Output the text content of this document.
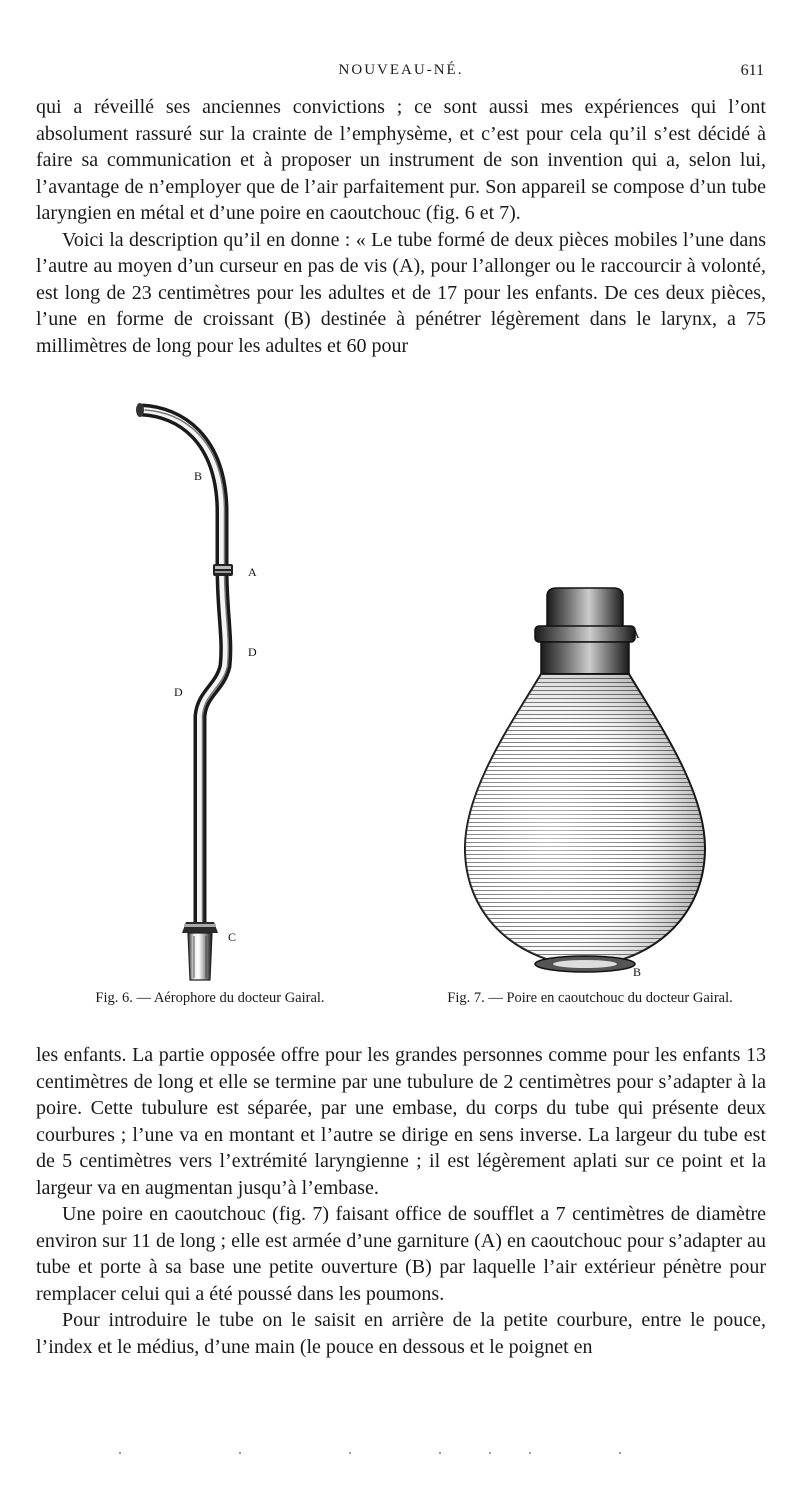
NOUVEAU-NÉ.	611

qui a réveillé ses anciennes convictions ; ce sont aussi mes expériences qui l’ont absolument rassuré sur la crainte de l’emphysème, et c’est pour cela qu’il s’est décidé à faire sa communication et à proposer un instrument de son invention qui a, selon lui, l’avantage de n’employer que de l’air parfaitement pur. Son appareil se compose d’un tube laryngien en métal et d’une poire en caoutchouc (fig. 6 et 7).

Voici la description qu’il en donne : « Le tube formé de deux pièces mobiles l’une dans l’autre au moyen d’un curseur en pas de vis (A), pour l’allonger ou le raccourcir à volonté, est long de 23 centimètres pour les adultes et de 17 pour les enfants. De ces deux pièces, l’une en forme de croissant (B) destinée à pénétrer légèrement dans le larynx, a 75 millimètres de long pour les adultes et 60 pour

B
A
D
D
C
Fig. 6. — Aérophore du docteur Gairal.
A
B
Fig. 7. — Poire en caoutchouc du docteur Gairal.

les enfants. La partie opposée offre pour les grandes personnes comme pour les enfants 13 centimètres de long et elle se termine par une tubulure de 2 centimètres pour s’adapter à la poire. Cette tubulure est séparée, par une embase, du corps du tube qui présente deux courbures ; l’une va en montant et l’autre se dirige en sens inverse. La largeur du tube est de 5 centimètres vers l’extrémité laryngienne ; il est légèrement aplati sur ce point et la largeur va en augmentan jusqu’à l’embase.

Une poire en caoutchouc (fig. 7) faisant office de soufflet a 7 centimètres de diamètre environ sur 11 de long ; elle est armée d’une garniture (A) en caoutchouc pour s’adapter au tube et porte à sa base une petite ouverture (B) par laquelle l’air extérieur pénètre pour remplacer celui qui a été poussé dans les poumons.

Pour introduire le tube on le saisit en arrière de la petite courbure, entre le pouce, l’index et le médius, d’une main (le pouce en dessous et le poignet en
